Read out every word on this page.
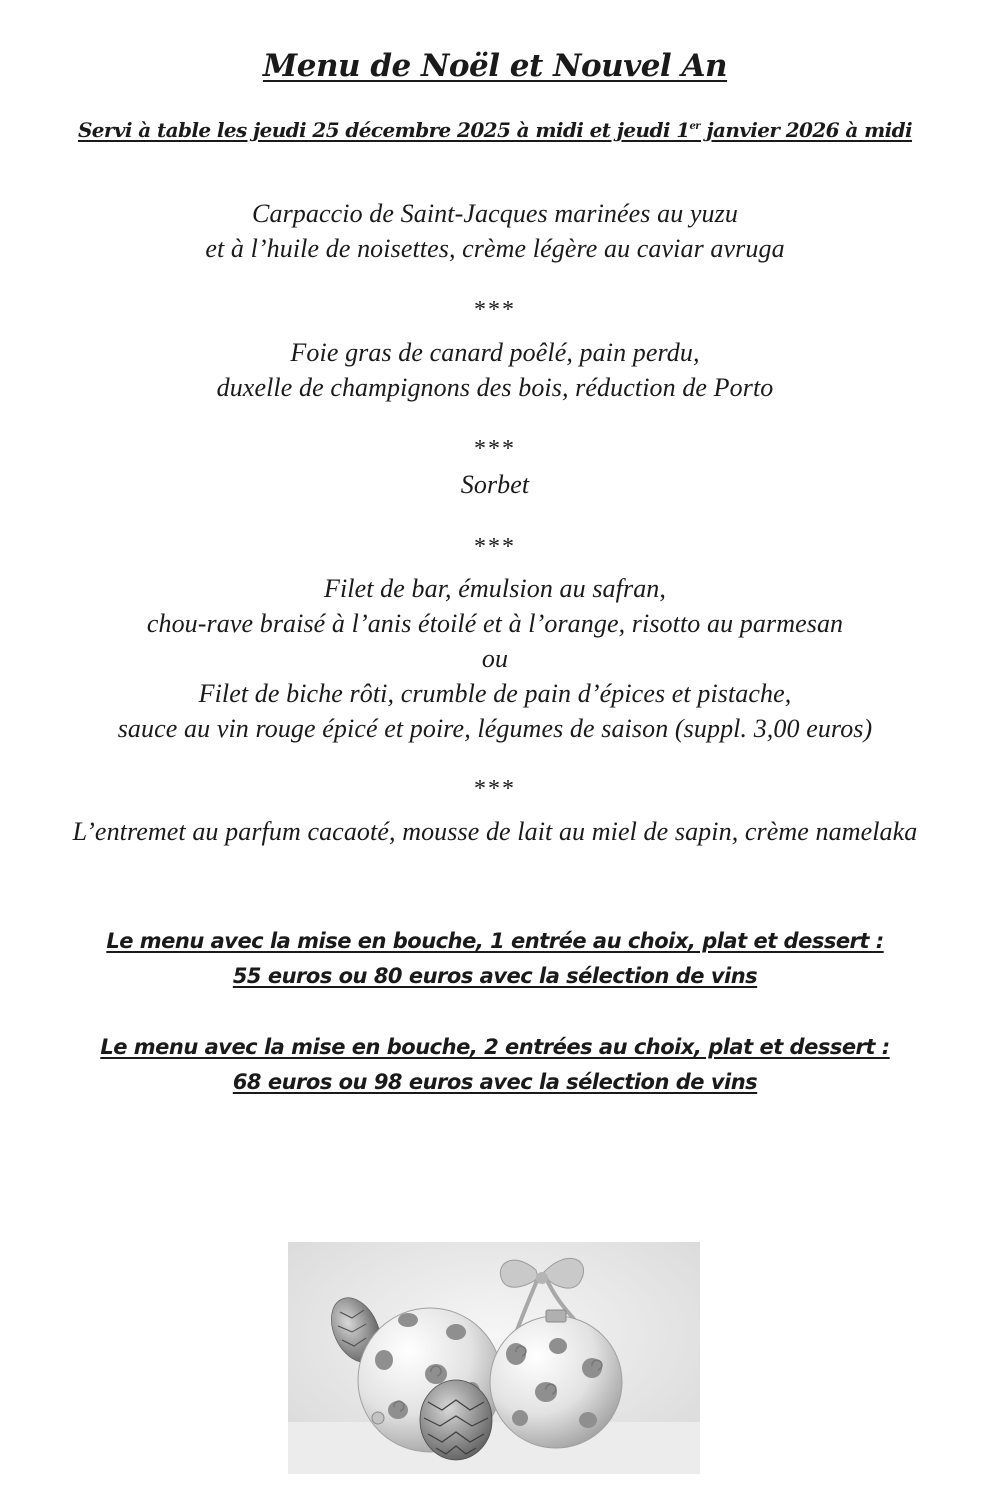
Menu de Noël et Nouvel An
Servi à table les jeudi 25 décembre 2025 à midi et jeudi 1er janvier 2026 à midi
Carpaccio de Saint-Jacques marinées au yuzu
et à l’huile de noisettes, crème légère au caviar avruga
***
Foie gras de canard poêlé, pain perdu,
duxelle de champignons des bois, réduction de Porto
***
Sorbet
***
Filet de bar, émulsion au safran,
chou-rave braisé à l’anis étoilé et à l’orange, risotto au parmesan
ou
Filet de biche rôti, crumble de pain d’épices et pistache,
sauce au vin rouge épicé et poire, légumes de saison (suppl. 3,00 euros)
***
L’entremet au parfum cacaoté, mousse de lait au miel de sapin, crème namelaka
Le menu avec la mise en bouche, 1 entrée au choix, plat et dessert :
55 euros ou 80 euros avec la sélection de vins
Le menu avec la mise en bouche, 2 entrées au choix, plat et dessert :
68 euros ou 98 euros avec la sélection de vins
